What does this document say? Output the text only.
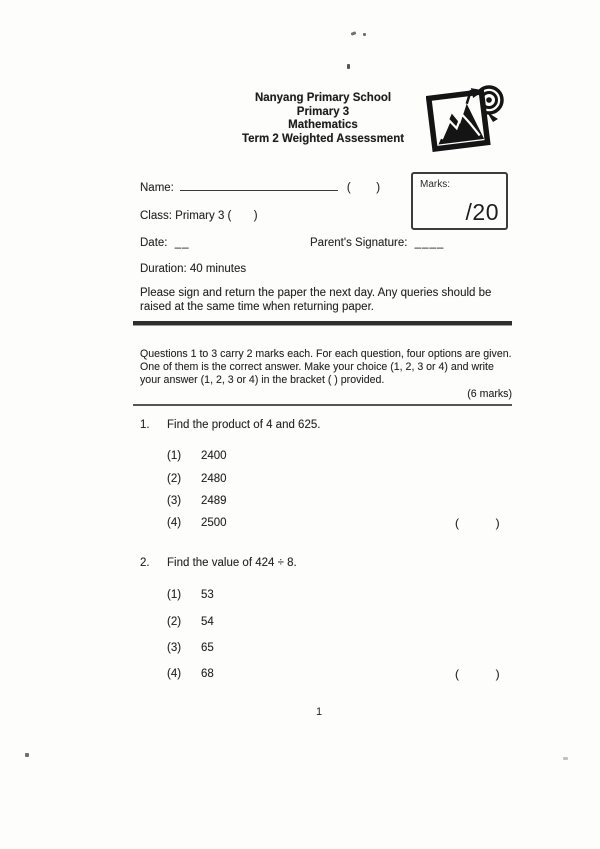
Nanyang Primary School
Primary 3
Mathematics
Term 2 Weighted Assessment
Name:	(        )	Marks:
/20
Class: Primary 3 (       )
Date: __	Parent's Signature: ____
Duration: 40 minutes
Please sign and return the paper the next day. Any queries should be raised at the same time when returning paper.
Questions 1 to 3 carry 2 marks each. For each question, four options are given. One of them is the correct answer. Make your choice (1, 2, 3 or 4) and write your answer (1, 2, 3 or 4) in the bracket ( ) provided.
(6 marks)
1. Find the product of 4 and 625.
(1)	2400
(2)	2480
(3)	2489
(4)	2500	(           )
2. Find the value of 424 ÷ 8.
(1)	53
(2)	54
(3)	65
(4)	68	(           )
1
